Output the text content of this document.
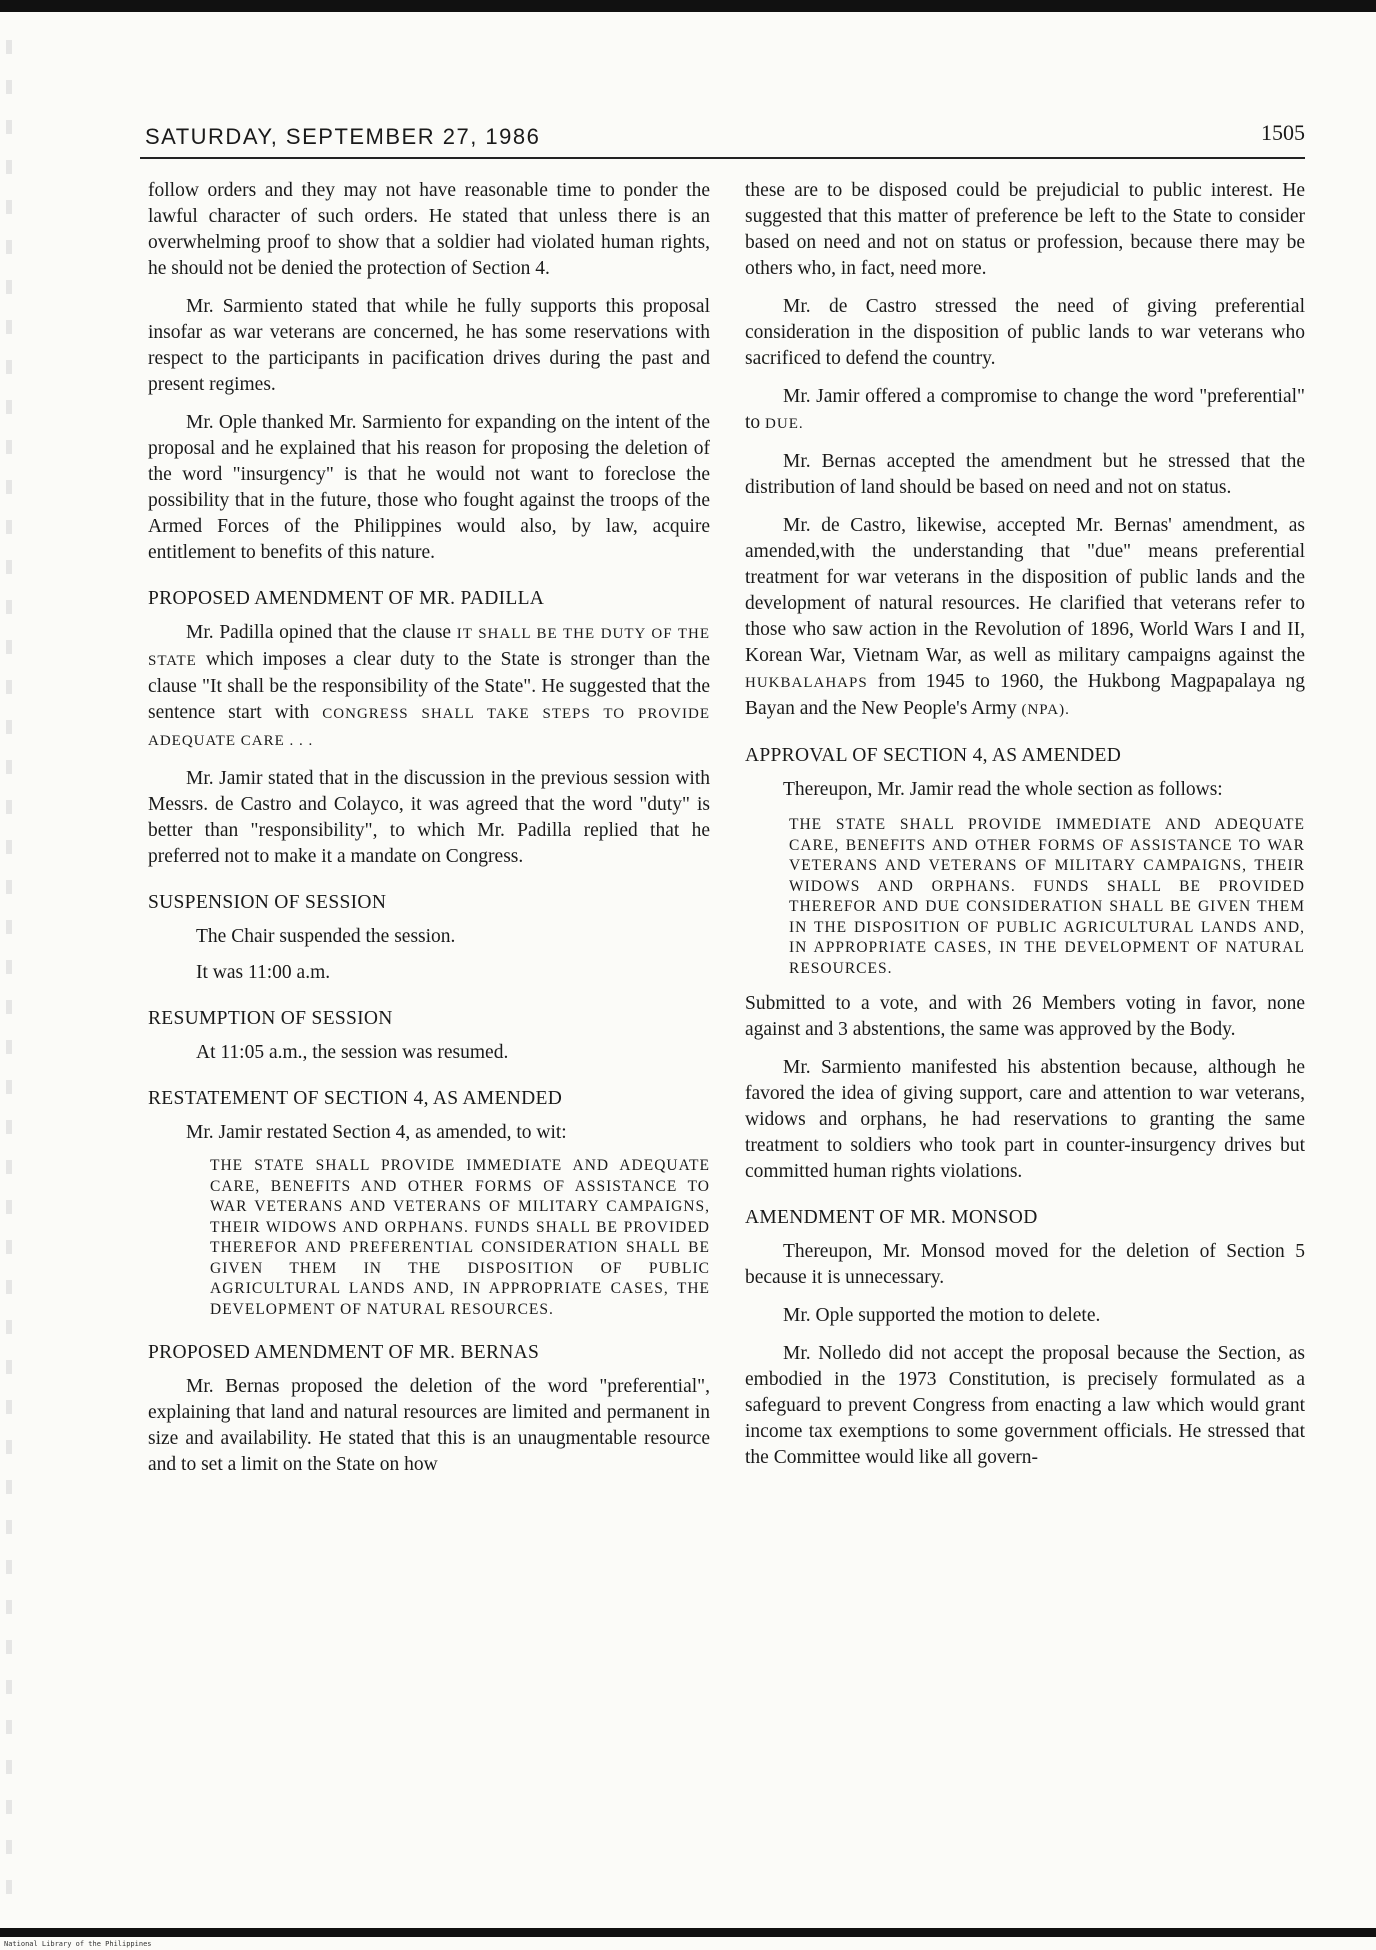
SATURDAY, SEPTEMBER 27, 1986	1505

follow orders and they may not have reasonable time to ponder the lawful character of such orders. He stated that unless there is an overwhelming proof to show that a soldier had violated human rights, he should not be denied the protection of Section 4.

Mr. Sarmiento stated that while he fully supports this proposal insofar as war veterans are concerned, he has some reservations with respect to the participants in pacification drives during the past and present regimes.

Mr. Ople thanked Mr. Sarmiento for expanding on the intent of the proposal and he explained that his reason for proposing the deletion of the word "insurgency" is that he would not want to foreclose the possibility that in the future, those who fought against the troops of the Armed Forces of the Philippines would also, by law, acquire entitlement to benefits of this nature.

PROPOSED AMENDMENT OF MR. PADILLA

Mr. Padilla opined that the clause IT SHALL BE THE DUTY OF THE STATE which imposes a clear duty to the State is stronger than the clause "It shall be the responsibility of the State". He suggested that the sentence start with CONGRESS SHALL TAKE STEPS TO PROVIDE ADEQUATE CARE . . .

Mr. Jamir stated that in the discussion in the previous session with Messrs. de Castro and Colayco, it was agreed that the word "duty" is better than "responsibility", to which Mr. Padilla replied that he preferred not to make it a mandate on Congress.

SUSPENSION OF SESSION
The Chair suspended the session.
It was 11:00 a.m.
RESUMPTION OF SESSION
At 11:05 a.m., the session was resumed.
RESTATEMENT OF SECTION 4, AS AMENDED
Mr. Jamir restated Section 4, as amended, to wit:
THE STATE SHALL PROVIDE IMMEDIATE AND ADEQUATE CARE, BENEFITS AND OTHER FORMS OF ASSISTANCE TO WAR VETERANS AND VETERANS OF MILITARY CAMPAIGNS, THEIR WIDOWS AND ORPHANS. FUNDS SHALL BE PROVIDED THEREFOR AND PREFERENTIAL CONSIDERATION SHALL BE GIVEN THEM IN THE DISPOSITION OF PUBLIC AGRICULTURAL LANDS AND, IN APPROPRIATE CASES, THE DEVELOPMENT OF NATURAL RESOURCES.
PROPOSED AMENDMENT OF MR. BERNAS

Mr. Bernas proposed the deletion of the word "preferential", explaining that land and natural resources are limited and permanent in size and availability. He stated that this is an unaugmentable resource and to set a limit on the State on how

these are to be disposed could be prejudicial to public interest. He suggested that this matter of preference be left to the State to consider based on need and not on status or profession, because there may be others who, in fact, need more.

Mr. de Castro stressed the need of giving preferential consideration in the disposition of public lands to war veterans who sacrificed to defend the country.

Mr. Jamir offered a compromise to change the word "preferential" to DUE.

Mr. Bernas accepted the amendment but he stressed that the distribution of land should be based on need and not on status.

Mr. de Castro, likewise, accepted Mr. Bernas' amendment, as amended,with the understanding that "due" means preferential treatment for war veterans in the disposition of public lands and the development of natural resources. He clarified that veterans refer to those who saw action in the Revolution of 1896, World Wars I and II, Korean War, Vietnam War, as well as military campaigns against the HUKBALAHAPS from 1945 to 1960, the Hukbong Magpapalaya ng Bayan and the New People's Army (NPA).

APPROVAL OF SECTION 4, AS AMENDED

Thereupon, Mr. Jamir read the whole section as follows:

THE STATE SHALL PROVIDE IMMEDIATE AND ADEQUATE CARE, BENEFITS AND OTHER FORMS OF ASSISTANCE TO WAR VETERANS AND VETERANS OF MILITARY CAMPAIGNS, THEIR WIDOWS AND ORPHANS. FUNDS SHALL BE PROVIDED THEREFOR AND DUE CONSIDERATION SHALL BE GIVEN THEM IN THE DISPOSITION OF PUBLIC AGRICULTURAL LANDS AND, IN APPROPRIATE CASES, IN THE DEVELOPMENT OF NATURAL RESOURCES.

Submitted to a vote, and with 26 Members voting in favor, none against and 3 abstentions, the same was approved by the Body.

Mr. Sarmiento manifested his abstention because, although he favored the idea of giving support, care and attention to war veterans, widows and orphans, he had reservations to granting the same treatment to soldiers who took part in counter-insurgency drives but committed human rights violations.

AMENDMENT OF MR. MONSOD

Thereupon, Mr. Monsod moved for the deletion of Section 5 because it is unnecessary.

Mr. Ople supported the motion to delete.

Mr. Nolledo did not accept the proposal because the Section, as embodied in the 1973 Constitution, is precisely formulated as a safeguard to prevent Congress from enacting a law which would grant income tax exemptions to some government officials. He stressed that the Committee would like all govern-

National Library of the Philippines
